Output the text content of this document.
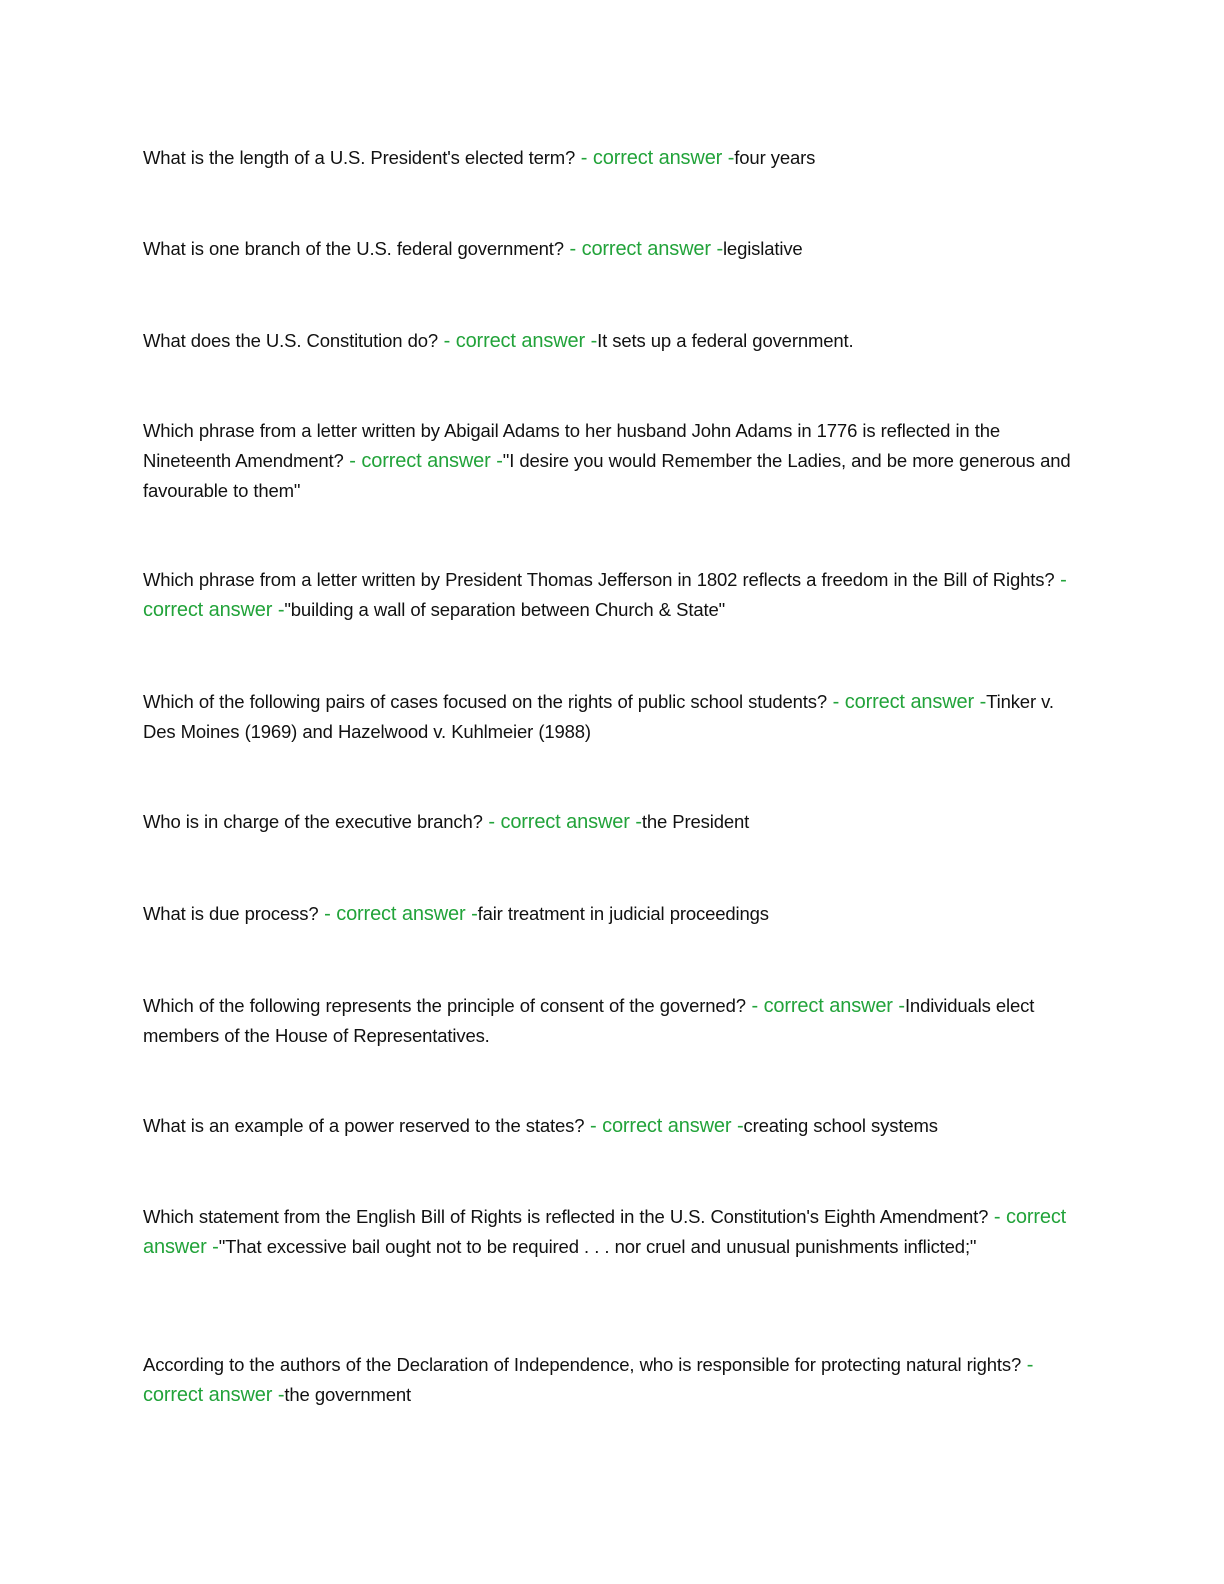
What is the length of a U.S. President's elected term? - correct answer -four years

What is one branch of the U.S. federal government? - correct answer -legislative

What does the U.S. Constitution do? - correct answer -It sets up a federal government.

Which phrase from a letter written by Abigail Adams to her husband John Adams in 1776 is reflected in the Nineteenth Amendment? - correct answer -"I desire you would Remember the Ladies, and be more generous and favourable to them"

Which phrase from a letter written by President Thomas Jefferson in 1802 reflects a freedom in the Bill of Rights? - correct answer -"building a wall of separation between Church & State"

Which of the following pairs of cases focused on the rights of public school students? - correct answer -Tinker v. Des Moines (1969) and Hazelwood v. Kuhlmeier (1988)

Who is in charge of the executive branch? - correct answer -the President

What is due process? - correct answer -fair treatment in judicial proceedings

Which of the following represents the principle of consent of the governed? - correct answer -Individuals elect members of the House of Representatives.

What is an example of a power reserved to the states? - correct answer -creating school systems

Which statement from the English Bill of Rights is reflected in the U.S. Constitution's Eighth Amendment? - correct answer -"That excessive bail ought not to be required . . . nor cruel and unusual punishments inflicted;"

According to the authors of the Declaration of Independence, who is responsible for protecting natural rights? - correct answer -the government
